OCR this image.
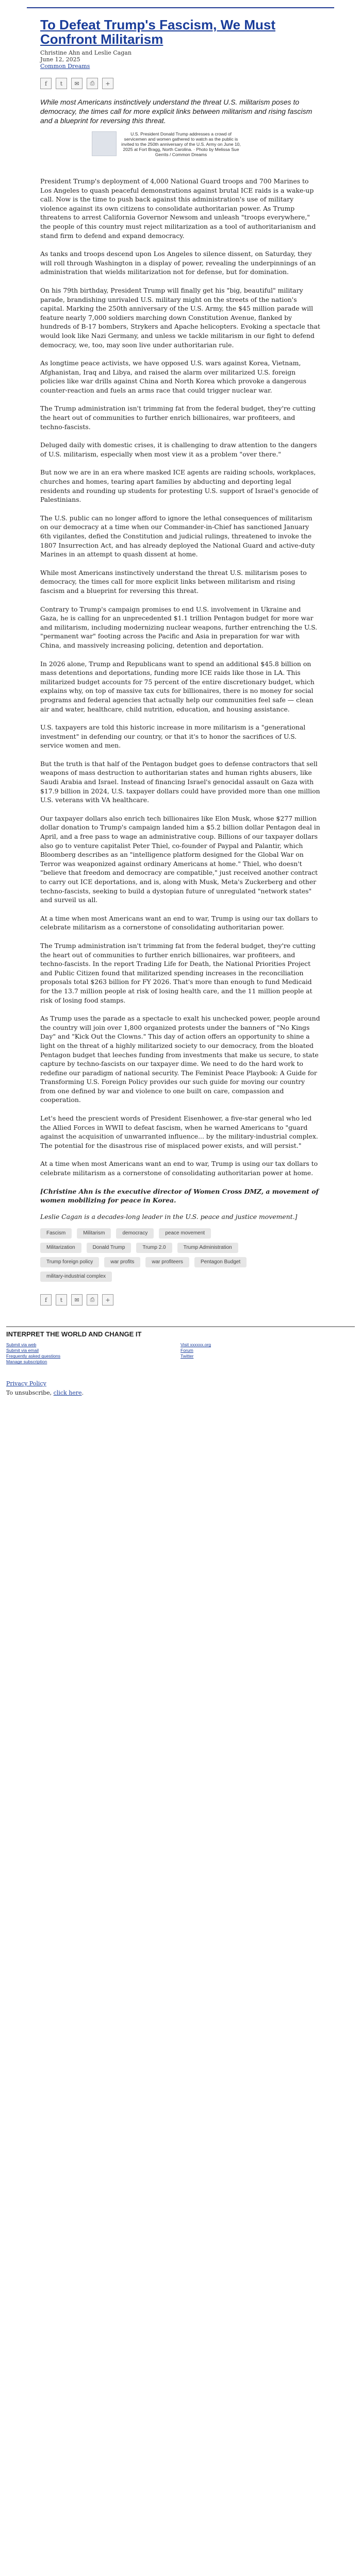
To Defeat Trump's Fascism, We Must Confront Militarism
Christine Ahn and Leslie Cagan
June 12, 2025
Common Dreams
f	t	✉	⎙	+

While most Americans instinctively understand the threat U.S. militarism poses to democracy, the times call for more explicit links between militarism and rising fascism and a blueprint for reversing this threat.

U.S. President Donald Trump addresses a crowd of servicemen and women gathered to watch as the public is invited to the 250th anniversary of the U.S. Army on June 10, 2025 at Fort Bragg, North Carolina. · Photo by Melissa Sue Gerrits / Common Dreams

President Trump's deployment of 4,000 National Guard troops and 700 Marines to Los Angeles to quash peaceful demonstrations against brutal ICE raids is a wake-up call. Now is the time to push back against this administration's use of military violence against its own citizens to consolidate authoritarian power. As Trump threatens to arrest California Governor Newsom and unleash "troops everywhere," the people of this country must reject militarization as a tool of authoritarianism and stand firm to defend and expand democracy.

As tanks and troops descend upon Los Angeles to silence dissent, on Saturday, they will roll through Washington in a display of power, revealing the underpinnings of an administration that wields militarization not for defense, but for domination.

On his 79th birthday, President Trump will finally get his "big, beautiful" military parade, brandishing unrivaled U.S. military might on the streets of the nation's capital. Marking the 250th anniversary of the U.S. Army, the $45 million parade will feature nearly 7,000 soldiers marching down Constitution Avenue, flanked by hundreds of B-17 bombers, Strykers and Apache helicopters. Evoking a spectacle that would look like Nazi Germany, and unless we tackle militarism in our fight to defend democracy, we, too, may soon live under authoritarian rule.

As longtime peace activists, we have opposed U.S. wars against Korea, Vietnam, Afghanistan, Iraq and Libya, and raised the alarm over militarized U.S. foreign policies like war drills against China and North Korea which provoke a dangerous counter-reaction and fuels an arms race that could trigger nuclear war.

The Trump administration isn't trimming fat from the federal budget, they're cutting the heart out of communities to further enrich billionaires, war profiteers, and techno-fascists.

Deluged daily with domestic crises, it is challenging to draw attention to the dangers of U.S. militarism, especially when most view it as a problem "over there."

But now we are in an era where masked ICE agents are raiding schools, workplaces, churches and homes, tearing apart families by abducting and deporting legal residents and rounding up students for protesting U.S. support of Israel's genocide of Palestinians.

The U.S. public can no longer afford to ignore the lethal consequences of militarism on our democracy at a time when our Commander-in-Chief has sanctioned January 6th vigilantes, defied the Constitution and judicial rulings, threatened to invoke the 1807 Insurrection Act, and has already deployed the National Guard and active-duty Marines in an attempt to quash dissent at home.

While most Americans instinctively understand the threat U.S. militarism poses to democracy, the times call for more explicit links between militarism and rising fascism and a blueprint for reversing this threat.

Contrary to Trump's campaign promises to end U.S. involvement in Ukraine and Gaza, he is calling for an unprecedented $1.1 trillion Pentagon budget for more war and militarism, including modernizing nuclear weapons, further entrenching the U.S. "permanent war" footing across the Pacific and Asia in preparation for war with China, and massively increasing policing, detention and deportation.

In 2026 alone, Trump and Republicans want to spend an additional $45.8 billion on mass detentions and deportations, funding more ICE raids like those in LA. This militarized budget accounts for 75 percent of the entire discretionary budget, which explains why, on top of massive tax cuts for billionaires, there is no money for social programs and federal agencies that actually help our communities feel safe — clean air and water, healthcare, child nutrition, education, and housing assistance.

U.S. taxpayers are told this historic increase in more militarism is a "generational investment" in defending our country, or that it's to honor the sacrifices of U.S. service women and men.

But the truth is that half of the Pentagon budget goes to defense contractors that sell weapons of mass destruction to authoritarian states and human rights abusers, like Saudi Arabia and Israel. Instead of financing Israel's genocidal assault on Gaza with $17.9 billion in 2024, U.S. taxpayer dollars could have provided more than one million U.S. veterans with VA healthcare.

Our taxpayer dollars also enrich tech billionaires like Elon Musk, whose $277 million dollar donation to Trump's campaign landed him a $5.2 billion dollar Pentagon deal in April, and a free pass to wage an administrative coup. Billions of our taxpayer dollars also go to venture capitalist Peter Thiel, co-founder of Paypal and Palantir, which Bloomberg describes as an "intelligence platform designed for the Global War on Terror was weaponized against ordinary Americans at home." Thiel, who doesn't "believe that freedom and democracy are compatible," just received another contract to carry out ICE deportations, and is, along with Musk, Meta's Zuckerberg and other techno-fascists, seeking to build a dystopian future of unregulated "network states" and surveil us all.

At a time when most Americans want an end to war, Trump is using our tax dollars to celebrate militarism as a cornerstone of consolidating authoritarian power.

The Trump administration isn't trimming fat from the federal budget, they're cutting the heart out of communities to further enrich billionaires, war profiteers, and techno-fascists. In the report Trading Life for Death, the National Priorities Project and Public Citizen found that militarized spending increases in the reconciliation proposals total $263 billion for FY 2026. That's more than enough to fund Medicaid for the 13.7 million people at risk of losing health care, and the 11 million people at risk of losing food stamps.

As Trump uses the parade as a spectacle to exalt his unchecked power, people around the country will join over 1,800 organized protests under the banners of "No Kings Day" and "Kick Out the Clowns." This day of action offers an opportunity to shine a light on the threat of a highly militarized society to our democracy, from the bloated Pentagon budget that leeches funding from investments that make us secure, to state capture by techno-fascists on our taxpayer dime. We need to do the hard work to redefine our paradigm of national security. The Feminist Peace Playbook: A Guide for Transforming U.S. Foreign Policy provides our such guide for moving our country from one defined by war and violence to one built on care, compassion and cooperation.

Let's heed the prescient words of President Eisenhower, a five-star general who led the Allied Forces in WWII to defeat fascism, when he warned Americans to "guard against the acquisition of unwarranted influence... by the military-industrial complex. The potential for the disastrous rise of misplaced power exists, and will persist."

At a time when most Americans want an end to war, Trump is using our tax dollars to celebrate militarism as a cornerstone of consolidating authoritarian power at home.

[Christine Ahn is the executive director of Women Cross DMZ, a movement of women mobilizing for peace in Korea.

Leslie Cagan is a decades-long leader in the U.S. peace and justice movement.]

Fascism	Militarism	democracy	peace movement
Militarization	Donald Trump	Trump 2.0	Trump Administration
Trump foreign policy	war profits	war profiteers	Pentagon Budget
military-industrial complex
f	t	✉	⎙	+
INTERPRET THE WORLD AND CHANGE IT
Submit via web
Submit via email
Frequently asked questions
Manage subscription
Visit xxxxxx.org
Forum
Twitter
Privacy Policy
To unsubscribe, click here.
